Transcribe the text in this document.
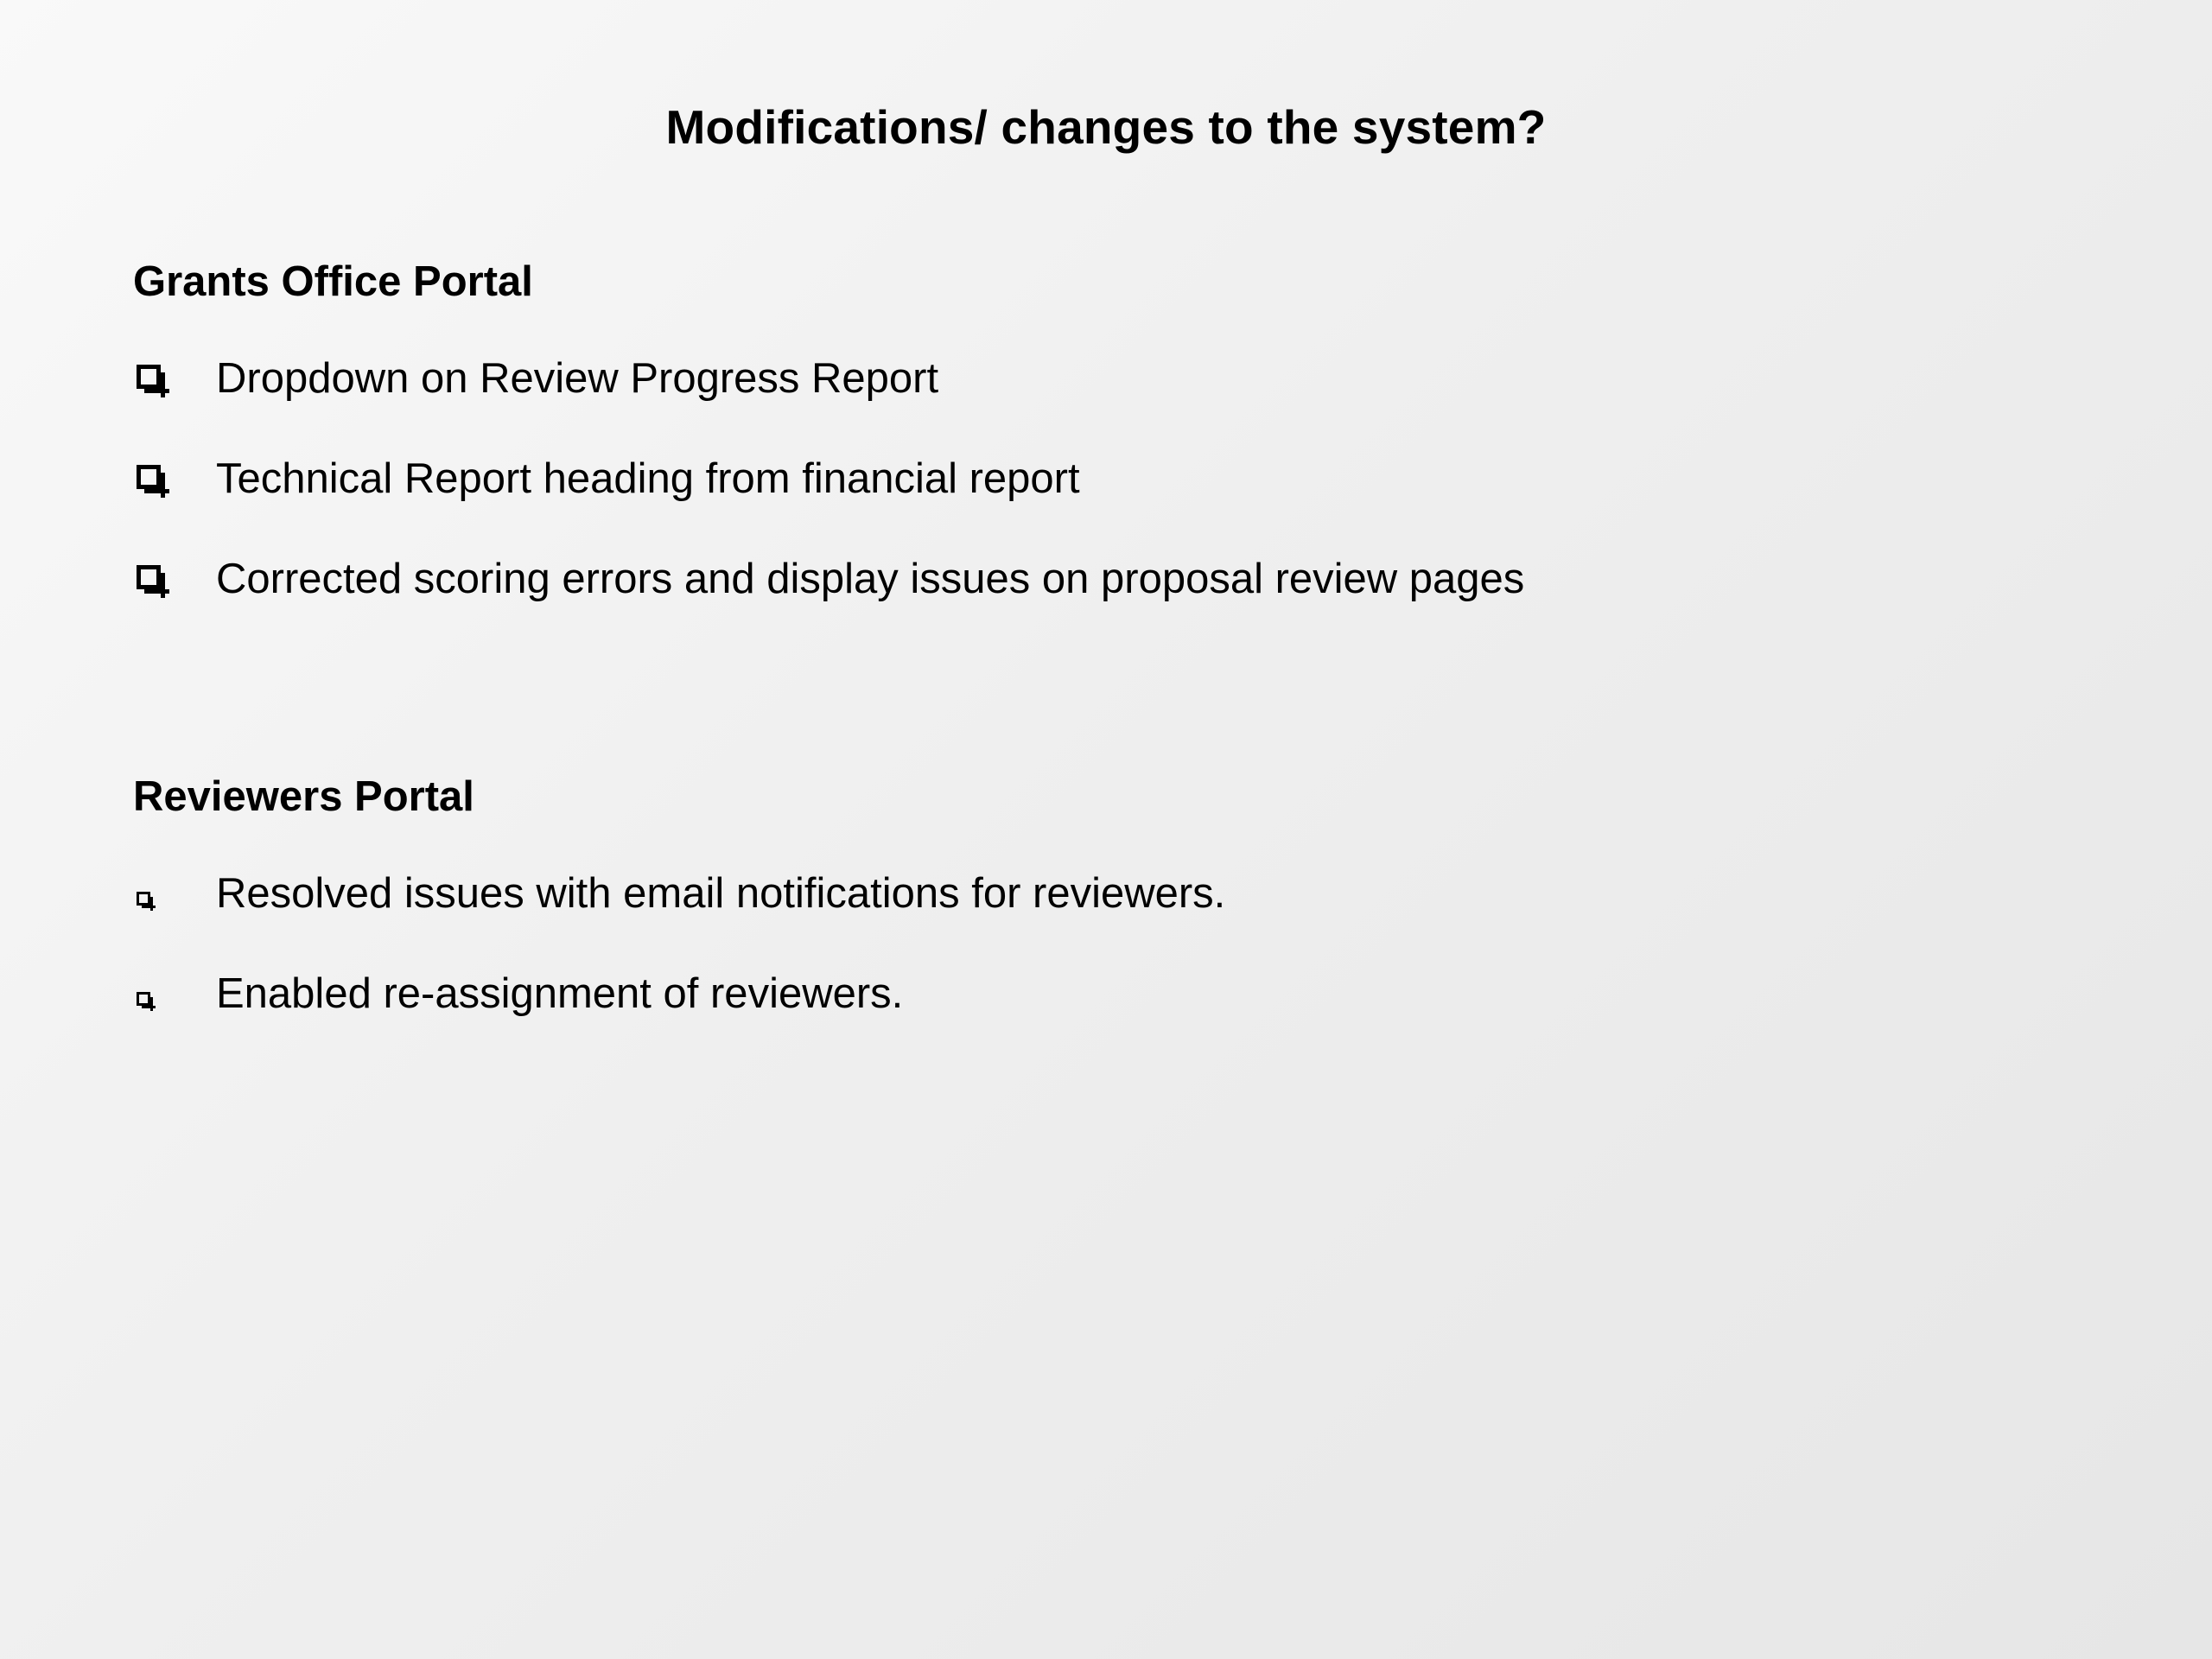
Modifications/ changes to the system?
Grants Office Portal
Dropdown on Review Progress Report
Technical Report heading from financial report
Corrected scoring errors and display issues on proposal review pages
Reviewers Portal
Resolved issues with email notifications for reviewers.
Enabled re-assignment of reviewers.
